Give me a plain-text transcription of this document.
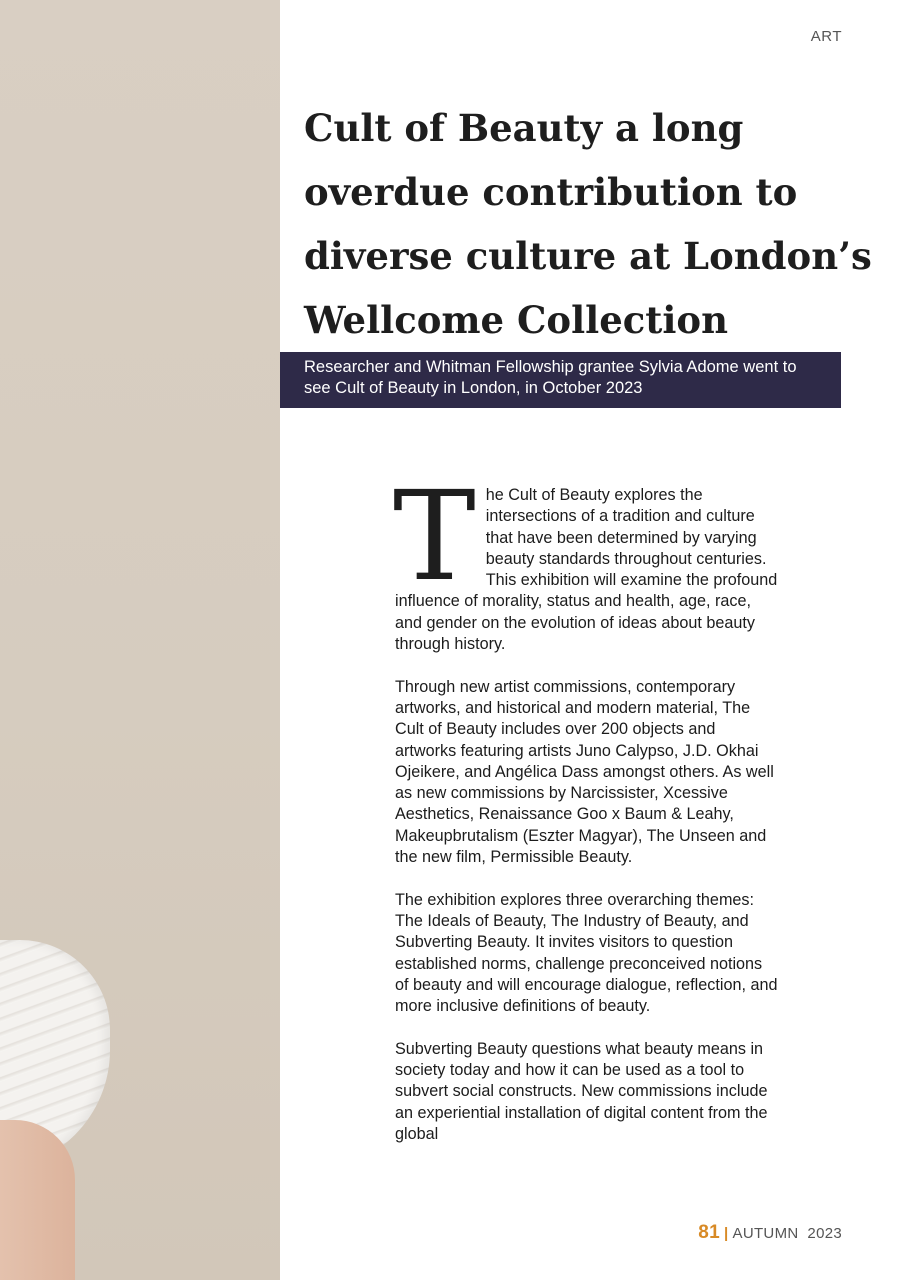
ART
Cult of Beauty a long overdue contribution to diverse culture at London’s Wellcome Collection
Researcher and Whitman Fellowship grantee Sylvia Adome went to see Cult of Beauty in London, in October 2023

The Cult of Beauty explores the intersections of a tradition and culture that have been determined by varying beauty standards throughout centuries. This exhibition will examine the profound influence of morality, status and health, age, race, and gender on the evolution of ideas about beauty through history.

Through new artist commissions, contemporary artworks, and historical and modern material, The Cult of Beauty includes over 200 objects and artworks featuring artists Juno Calypso, J.D. Okhai Ojeikere, and Angélica Dass amongst others. As well as new commissions by Narcissister, Xcessive Aesthetics, Renaissance Goo x Baum & Leahy, Makeupbrutalism (Eszter Magyar), The Unseen and the new film, Permissible Beauty.

The exhibition explores three overarching themes: The Ideals of Beauty, The Industry of Beauty, and Subverting Beauty. It invites visitors to question established norms, challenge preconceived notions of beauty and will encourage dialogue, reflection, and more inclusive definitions of beauty.

Subverting Beauty questions what beauty means in society today and how it can be used as a tool to subvert social constructs. New commissions include an experiential installation of digital content from the global

81 | AUTUMN  2023
